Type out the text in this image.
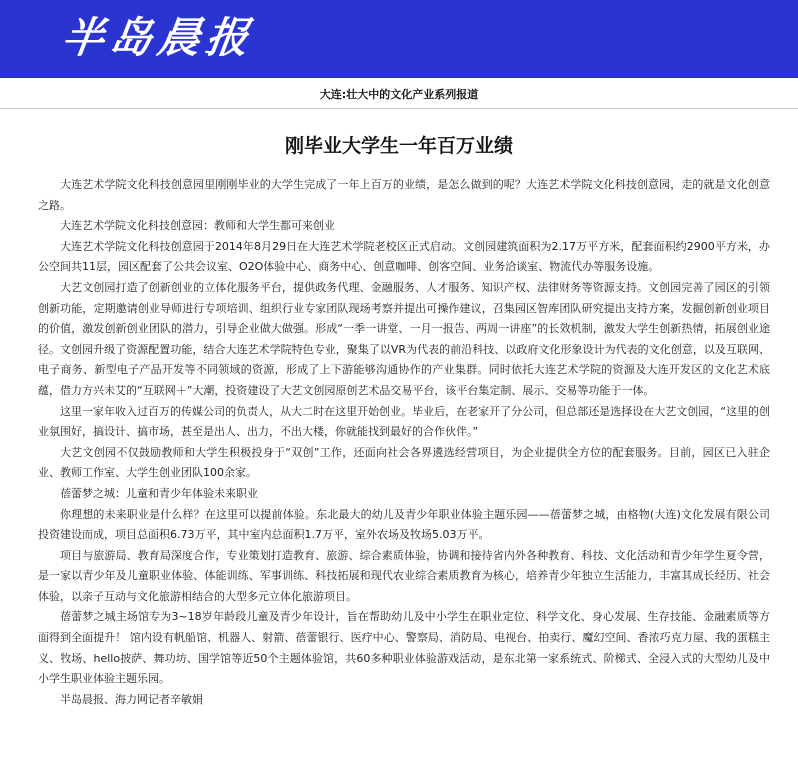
半岛晨报
大连:壮大中的文化产业系列报道
刚毕业大学生一年百万业绩

大连艺术学院文化科技创意园里刚刚毕业的大学生完成了一年上百万的业绩，是怎么做到的呢？大连艺术学院文化科技创意园，走的就是文化创意之路。

大连艺术学院文化科技创意园：教师和大学生都可来创业

大连艺术学院文化科技创意园于2014年8月29日在大连艺术学院老校区正式启动。文创园建筑面积为2.17万平方米，配套面积约2900平方米，办公空间共11层，园区配套了公共会议室、O2O体验中心、商务中心、创意咖啡、创客空间、业务洽谈室、物流代办等服务设施。

大艺文创园打造了创新创业的立体化服务平台，提供政务代理、金融服务、人才服务、知识产权、法律财务等资源支持。文创园完善了园区的引领创新功能，定期邀请创业导师进行专项培训、组织行业专家团队现场考察并提出可操作建议，召集园区智库团队研究提出支持方案，发掘创新创业项目的价值，激发创新创业团队的潜力，引导企业做大做强。形成“一季一讲堂、一月一报告、两周一讲座”的长效机制，激发大学生创新热情，拓展创业途径。文创园升级了资源配置功能，结合大连艺术学院特色专业，聚集了以VR为代表的前沿科技、以政府文化形象设计为代表的文化创意，以及互联网、电子商务、新型电子产品开发等不同领域的资源，形成了上下游能够沟通协作的产业集群。同时依托大连艺术学院的资源及大连开发区的文化艺术底蕴，借力方兴未艾的“互联网＋”大潮，投资建设了大艺文创园原创艺术品交易平台，该平台集定制、展示、交易等功能于一体。

这里一家年收入过百万的传媒公司的负责人，从大二时在这里开始创业。毕业后，在老家开了分公司，但总部还是选择设在大艺文创园，“这里的创业氛围好，搞设计、搞市场，甚至是出人、出力，不出大楼，你就能找到最好的合作伙伴。”

大艺文创园不仅鼓励教师和大学生积极投身于“双创”工作，还面向社会各界遴选经营项目，为企业提供全方位的配套服务。目前，园区已入驻企业、教师工作室、大学生创业团队100余家。

蓓蕾梦之城：儿童和青少年体验未来职业

你理想的未来职业是什么样？在这里可以提前体验。东北最大的幼儿及青少年职业体验主题乐园——蓓蕾梦之城，由格物(大连)文化发展有限公司投资建设而成，项目总面积6.73万平，其中室内总面积1.7万平，室外农场及牧场5.03万平。

项目与旅游局、教育局深度合作，专业策划打造教育、旅游、综合素质体验，协调和接待省内外各种教育、科技、文化活动和青少年学生夏令营，是一家以青少年及儿童职业体验、体能训练、军事训练、科技拓展和现代农业综合素质教育为核心，培养青少年独立生活能力，丰富其成长经历、社会体验，以亲子互动与文化旅游相结合的大型多元立体化旅游项目。

蓓蕾梦之城主场馆专为3~18岁年龄段儿童及青少年设计，旨在帮助幼儿及中小学生在职业定位、科学文化、身心发展、生存技能、金融素质等方面得到全面提升！ 馆内设有帆船馆、机器人、射箭、蓓蕾银行、医疗中心、警察局、消防局、电视台、拍卖行、魔幻空间、香浓巧克力屋、我的蛋糕主义、牧场、hello披萨、舞功坊、国学馆等近50个主题体验馆，共60多种职业体验游戏活动，是东北第一家系统式、阶梯式、全浸入式的大型幼儿及中小学生职业体验主题乐园。

半岛晨报、海力网记者辛敏娟
